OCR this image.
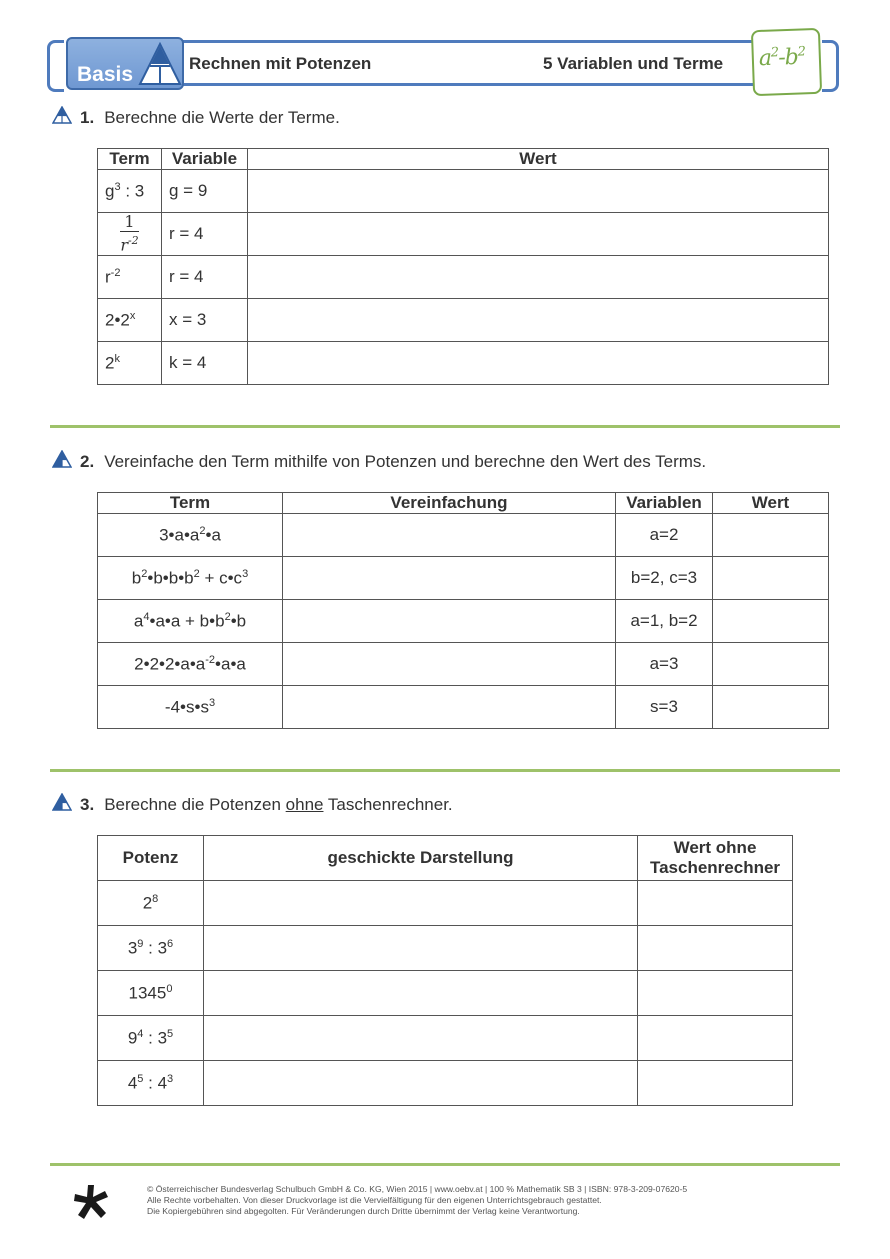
Basis	Rechnen mit Potenzen	5 Variablen und Terme $a^2-b^2$
1. Berechne die Werte der Terme.
Term	Variable	Wert
$g^3$ : 3	g = 9	

$\frac{1}{r^{-2}}$	r = 4	
$r^{-2}$	r = 4	
2•2$^x$	x = 3	
2$^k$	k = 4	
2. Vereinfache den Term mithilfe von Potenzen und berechne den Wert des Terms.
Term	Vereinfachung	Variablen	Wert
$3•a•a^2•a$		a=2	
$b^2•b•b•b^2$ + $c•c^3$		b=2, c=3	
$a^4•a•a$ + $b•b^2•b$		a=1, b=2	
$2•2•2•a•a^{-2}•a•a$		a=3	
$-4•s•s^3$		s=3	
3. Berechne die Potenzen ohne Taschenrechner.
Potenz	geschickte Darstellung	Wert ohne
Taschenrechner
$2^8$		
$3^9$ : $3^6$		
1345$^0$		
$9^4$ : $3^5$		
$4^5$ : $4^3$		
© Österreichischer Bundesverlag Schulbuch GmbH & Co. KG, Wien 2015 | www.oebv.at | 100 % Mathematik SB 3 | ISBN: 978-3-209-07620-5
Alle Rechte vorbehalten. Von dieser Druckvorlage ist die Vervielfältigung für den eigenen Unterrichtsgebrauch gestattet.
Die Kopiergebühren sind abgegolten. Für Veränderungen durch Dritte übernimmt der Verlag keine Verantwortung.
